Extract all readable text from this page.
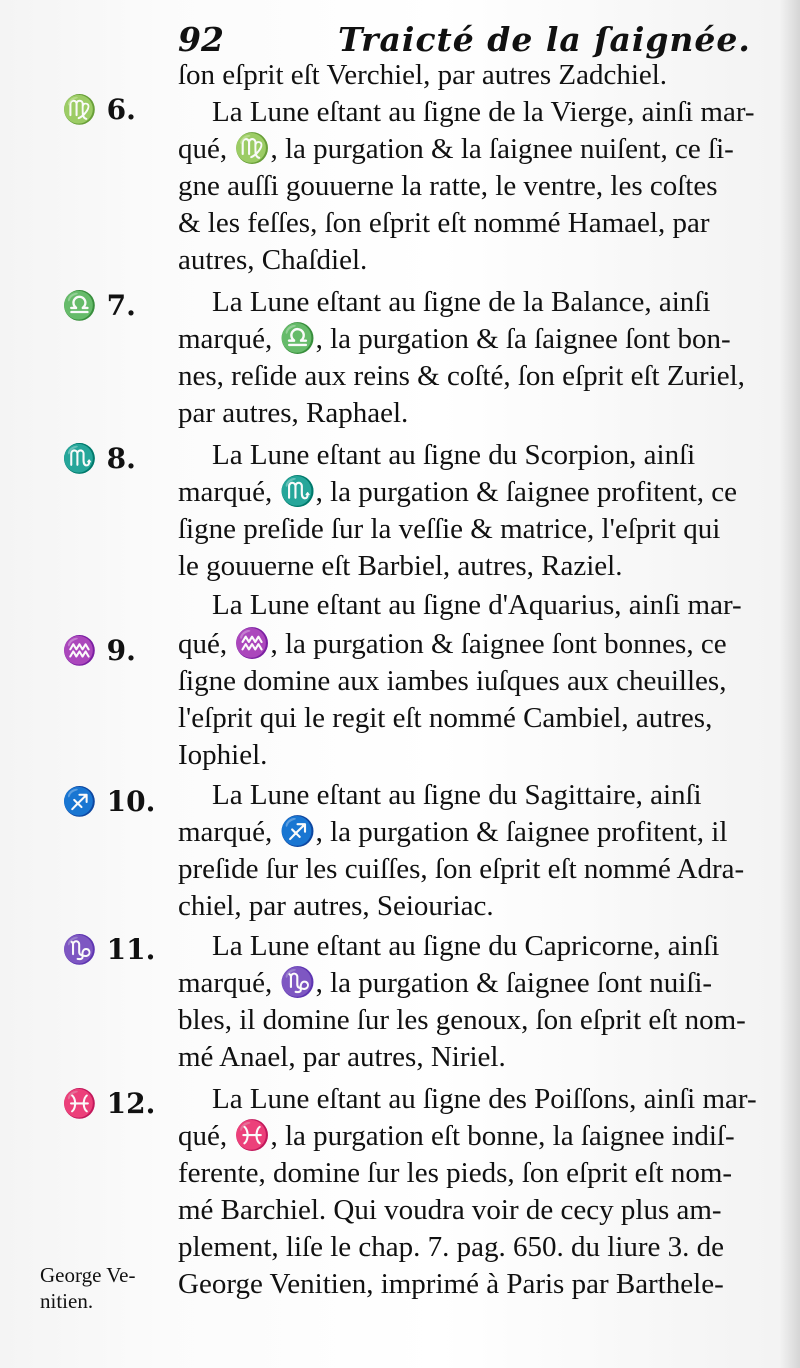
92	Traicté de la ſaignée.
♍ 6.
♎ 7.
♏ 8.
♒ 9.
♐ 10.
♑ 11.
♓ 12.
George Ve-
nitien.
ſon eſprit eſt Verchiel, par autres Zadchiel.
La Lune eſtant au ſigne de la Vierge, ainſi mar-
qué, ♍, la purgation & la ſaignee nuiſent, ce ſi-
gne auſſi gouuerne la ratte, le ventre, les coſtes
& les feſſes, ſon eſprit eſt nommé Hamael, par
autres, Chaſdiel.
La Lune eſtant au ſigne de la Balance, ainſi
marqué, ♎, la purgation & ſa ſaignee ſont bon-
nes, reſide aux reins & coſté, ſon eſprit eſt Zuriel,
par autres, Raphael.
La Lune eſtant au ſigne du Scorpion, ainſi
marqué, ♏, la purgation & ſaignee profitent, ce
ſigne preſide ſur la veſſie & matrice, l'eſprit qui
le gouuerne eſt Barbiel, autres, Raziel.
La Lune eſtant au ſigne d'Aquarius, ainſi mar-
qué, ♒, la purgation & ſaignee ſont bonnes, ce
ſigne domine aux iambes iuſques aux cheuilles,
l'eſprit qui le regit eſt nommé Cambiel, autres,
Iophiel.
La Lune eſtant au ſigne du Sagittaire, ainſi
marqué, ♐, la purgation & ſaignee profitent, il
preſide ſur les cuiſſes, ſon eſprit eſt nommé Adra-
chiel, par autres, Seiouriac.
La Lune eſtant au ſigne du Capricorne, ainſi
marqué, ♑, la purgation & ſaignee ſont nuiſi-
bles, il domine ſur les genoux, ſon eſprit eſt nom-
mé Anael, par autres, Niriel.
La Lune eſtant au ſigne des Poiſſons, ainſi mar-
qué, ♓, la purgation eſt bonne, la ſaignee indiſ-
ferente, domine ſur les pieds, ſon eſprit eſt nom-
mé Barchiel. Qui voudra voir de cecy plus am-
plement, liſe le chap. 7. pag. 650. du liure 3. de
George Venitien, imprimé à Paris par Barthele-
